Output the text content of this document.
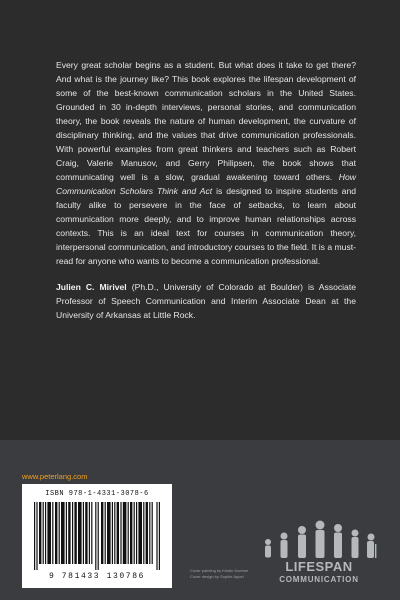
Every great scholar begins as a student. But what does it take to get there? And what is the journey like? This book explores the lifespan development of some of the best-known communication scholars in the United States. Grounded in 30 in-depth interviews, personal stories, and communication theory, the book reveals the nature of human development, the curvature of disciplinary thinking, and the values that drive communication professionals. With powerful examples from great thinkers and teachers such as Robert Craig, Valerie Manusov, and Gerry Philipsen, the book shows that communicating well is a slow, gradual awakening toward others. How Communication Scholars Think and Act is designed to inspire students and faculty alike to persevere in the face of setbacks, to learn about communication more deeply, and to improve human relationships across contexts. This is an ideal text for courses in communication theory, interpersonal communication, and introductory courses to the field. It is a must-read for anyone who wants to become a communication professional.

Julien C. Mirivel (Ph.D., University of Colorado at Boulder) is Associate Professor of Speech Communication and Interim Associate Dean at the University of Arkansas at Little Rock.

www.peterlang.com
ISBN 978-1-4331-3078-6
9 781433 130786
Cover painting by Kristin Koehne
Cover design by Sophie Appel
LIFESPAN
COMMUNICATION
